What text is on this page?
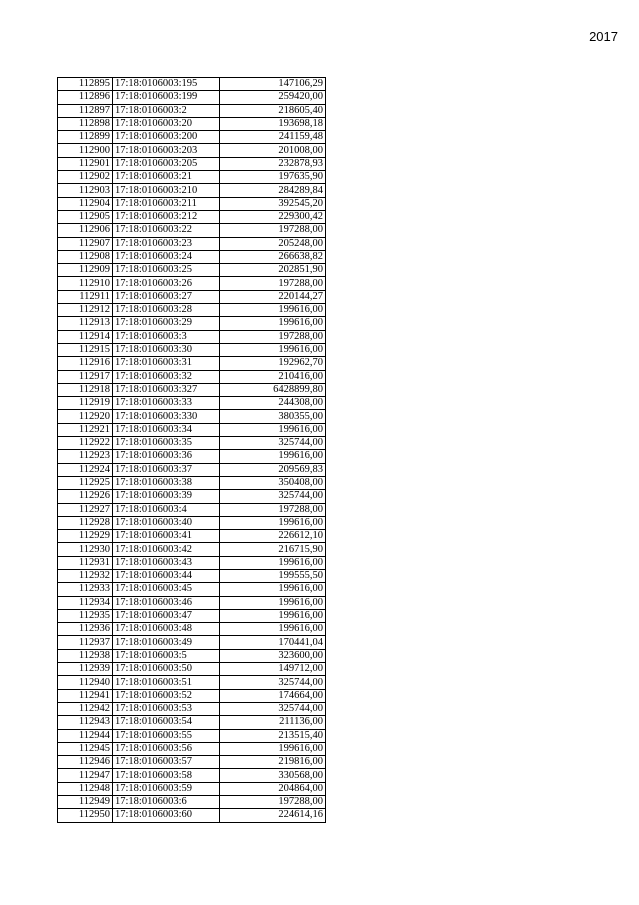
2017
112895	17:18:0106003:195	147106,29
112896	17:18:0106003:199	259420,00
112897	17:18:0106003:2	218605,40
112898	17:18:0106003:20	193698,18
112899	17:18:0106003:200	241159,48
112900	17:18:0106003:203	201008,00
112901	17:18:0106003:205	232878,93
112902	17:18:0106003:21	197635,90
112903	17:18:0106003:210	284289,84
112904	17:18:0106003:211	392545,20
112905	17:18:0106003:212	229300,42
112906	17:18:0106003:22	197288,00
112907	17:18:0106003:23	205248,00
112908	17:18:0106003:24	266638,82
112909	17:18:0106003:25	202851,90
112910	17:18:0106003:26	197288,00
112911	17:18:0106003:27	220144,27
112912	17:18:0106003:28	199616,00
112913	17:18:0106003:29	199616,00
112914	17:18:0106003:3	197288,00
112915	17:18:0106003:30	199616,00
112916	17:18:0106003:31	192962,70
112917	17:18:0106003:32	210416,00
112918	17:18:0106003:327	6428899,80
112919	17:18:0106003:33	244308,00
112920	17:18:0106003:330	380355,00
112921	17:18:0106003:34	199616,00
112922	17:18:0106003:35	325744,00
112923	17:18:0106003:36	199616,00
112924	17:18:0106003:37	209569,83
112925	17:18:0106003:38	350408,00
112926	17:18:0106003:39	325744,00
112927	17:18:0106003:4	197288,00
112928	17:18:0106003:40	199616,00
112929	17:18:0106003:41	226612,10
112930	17:18:0106003:42	216715,90
112931	17:18:0106003:43	199616,00
112932	17:18:0106003:44	199555,50
112933	17:18:0106003:45	199616,00
112934	17:18:0106003:46	199616,00
112935	17:18:0106003:47	199616,00
112936	17:18:0106003:48	199616,00
112937	17:18:0106003:49	170441,04
112938	17:18:0106003:5	323600,00
112939	17:18:0106003:50	149712,00
112940	17:18:0106003:51	325744,00
112941	17:18:0106003:52	174664,00
112942	17:18:0106003:53	325744,00
112943	17:18:0106003:54	211136,00
112944	17:18:0106003:55	213515,40
112945	17:18:0106003:56	199616,00
112946	17:18:0106003:57	219816,00
112947	17:18:0106003:58	330568,00
112948	17:18:0106003:59	204864,00
112949	17:18:0106003:6	197288,00
112950	17:18:0106003:60	224614,16
